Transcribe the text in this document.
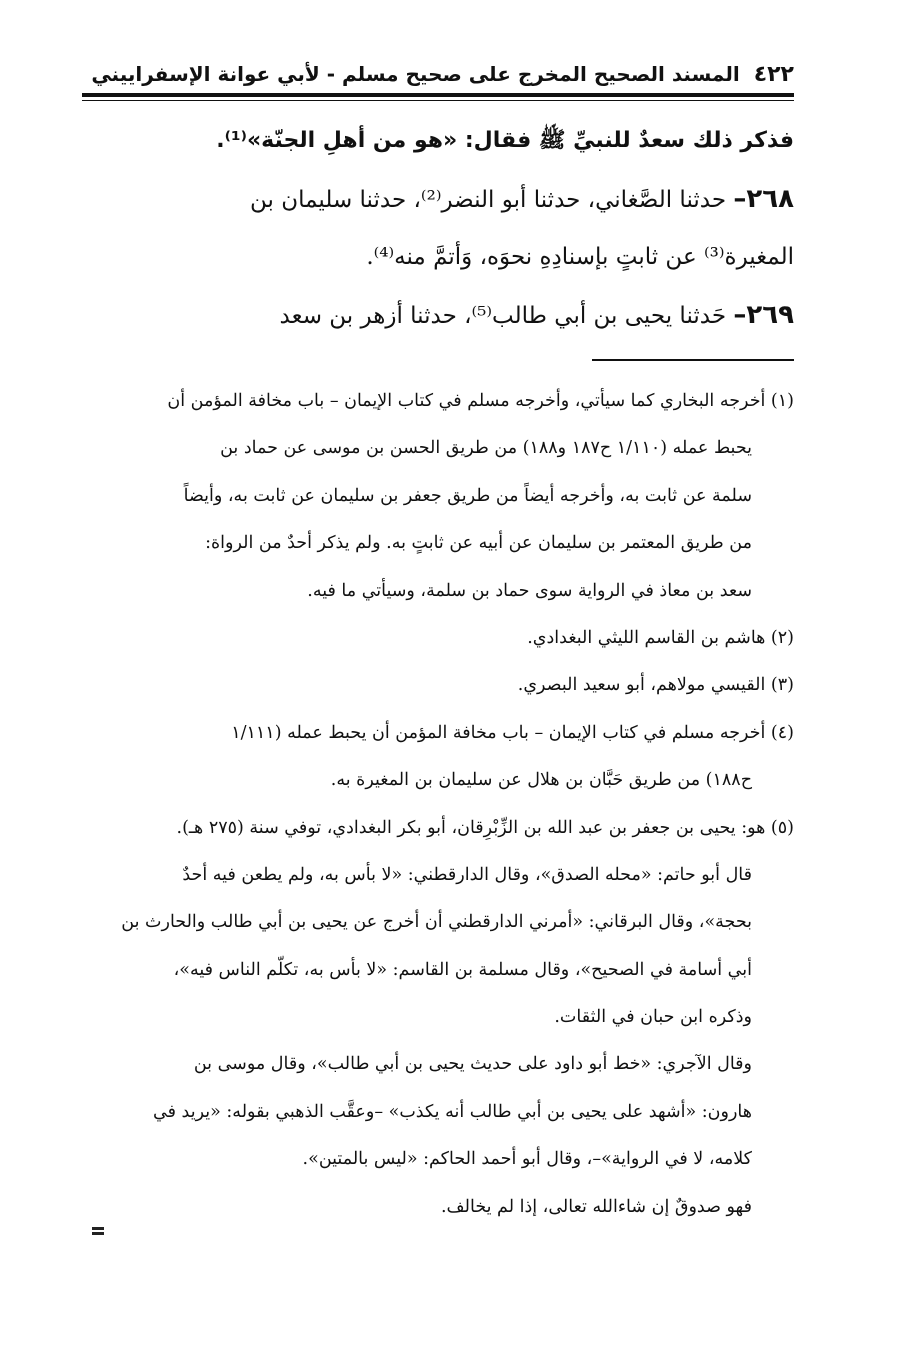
٤٢٢المسند الصحيح المخرج على صحيح مسلم - لأبي عوانة الإسفراييني
فذكر ذلك سعدٌ للنبيِّ ﷺ فقال: «هو من أهلِ الجنّة»⁽¹⁾.
٢٦٨– حدثنا الصَّغاني، حدثنا أبو النضر⁽²⁾، حدثنا سليمان بن
المغيرة⁽³⁾ عن ثابتٍ بإسنادِهِ نحوَه، وَأتمَّ منه⁽⁴⁾.
٢٦٩– حَدثنا يحيى بن أبي طالب⁽⁵⁾، حدثنا أزهر بن سعد
(١) أخرجه البخاري كما سيأتي، وأخرجه مسلم في كتاب الإيمان – باب مخافة المؤمن أن
يحبط عمله (١/١١٠ ح١٨٧ و١٨٨) من طريق الحسن بن موسى عن حماد بن
سلمة عن ثابت به، وأخرجه أيضاً من طريق جعفر بن سليمان عن ثابت به، وأيضاً
من طريق المعتمر بن سليمان عن أبيه عن ثابتٍ به. ولم يذكر أحدٌ من الرواة:
سعد بن معاذ في الرواية سوى حماد بن سلمة، وسيأتي ما فيه.
(٢) هاشم بن القاسم الليثي البغدادي.
(٣) القيسي مولاهم، أبو سعيد البصري.
(٤) أخرجه مسلم في كتاب الإيمان – باب مخافة المؤمن أن يحبط عمله (١/١١١
ح١٨٨) من طريق حَبَّان بن هلال عن سليمان بن المغيرة به.
(٥) هو: يحيى بن جعفر بن عبد الله بن الزِّبْرِقان، أبو بكر البغدادي، توفي سنة (٢٧٥ هـ).
قال أبو حاتم: «محله الصدق»، وقال الدارقطني: «لا بأس به، ولم يطعن فيه أحدٌ
بحجة»، وقال البرقاني: «أمرني الدارقطني أن أخرج عن يحيى بن أبي طالب والحارث بن
أبي أسامة في الصحيح»، وقال مسلمة بن القاسم: «لا بأس به، تكلّم الناس فيه»،
وذكره ابن حبان في الثقات.
وقال الآجري: «خط أبو داود على حديث يحيى بن أبي طالب»، وقال موسى بن
هارون: «أشهد على يحيى بن أبي طالب أنه يكذب» –وعقَّب الذهبي بقوله: «يريد في
كلامه، لا في الرواية»–، وقال أبو أحمد الحاكم: «ليس بالمتين».
فهو صدوقٌ إن شاءالله تعالى، إذا لم يخالف.
